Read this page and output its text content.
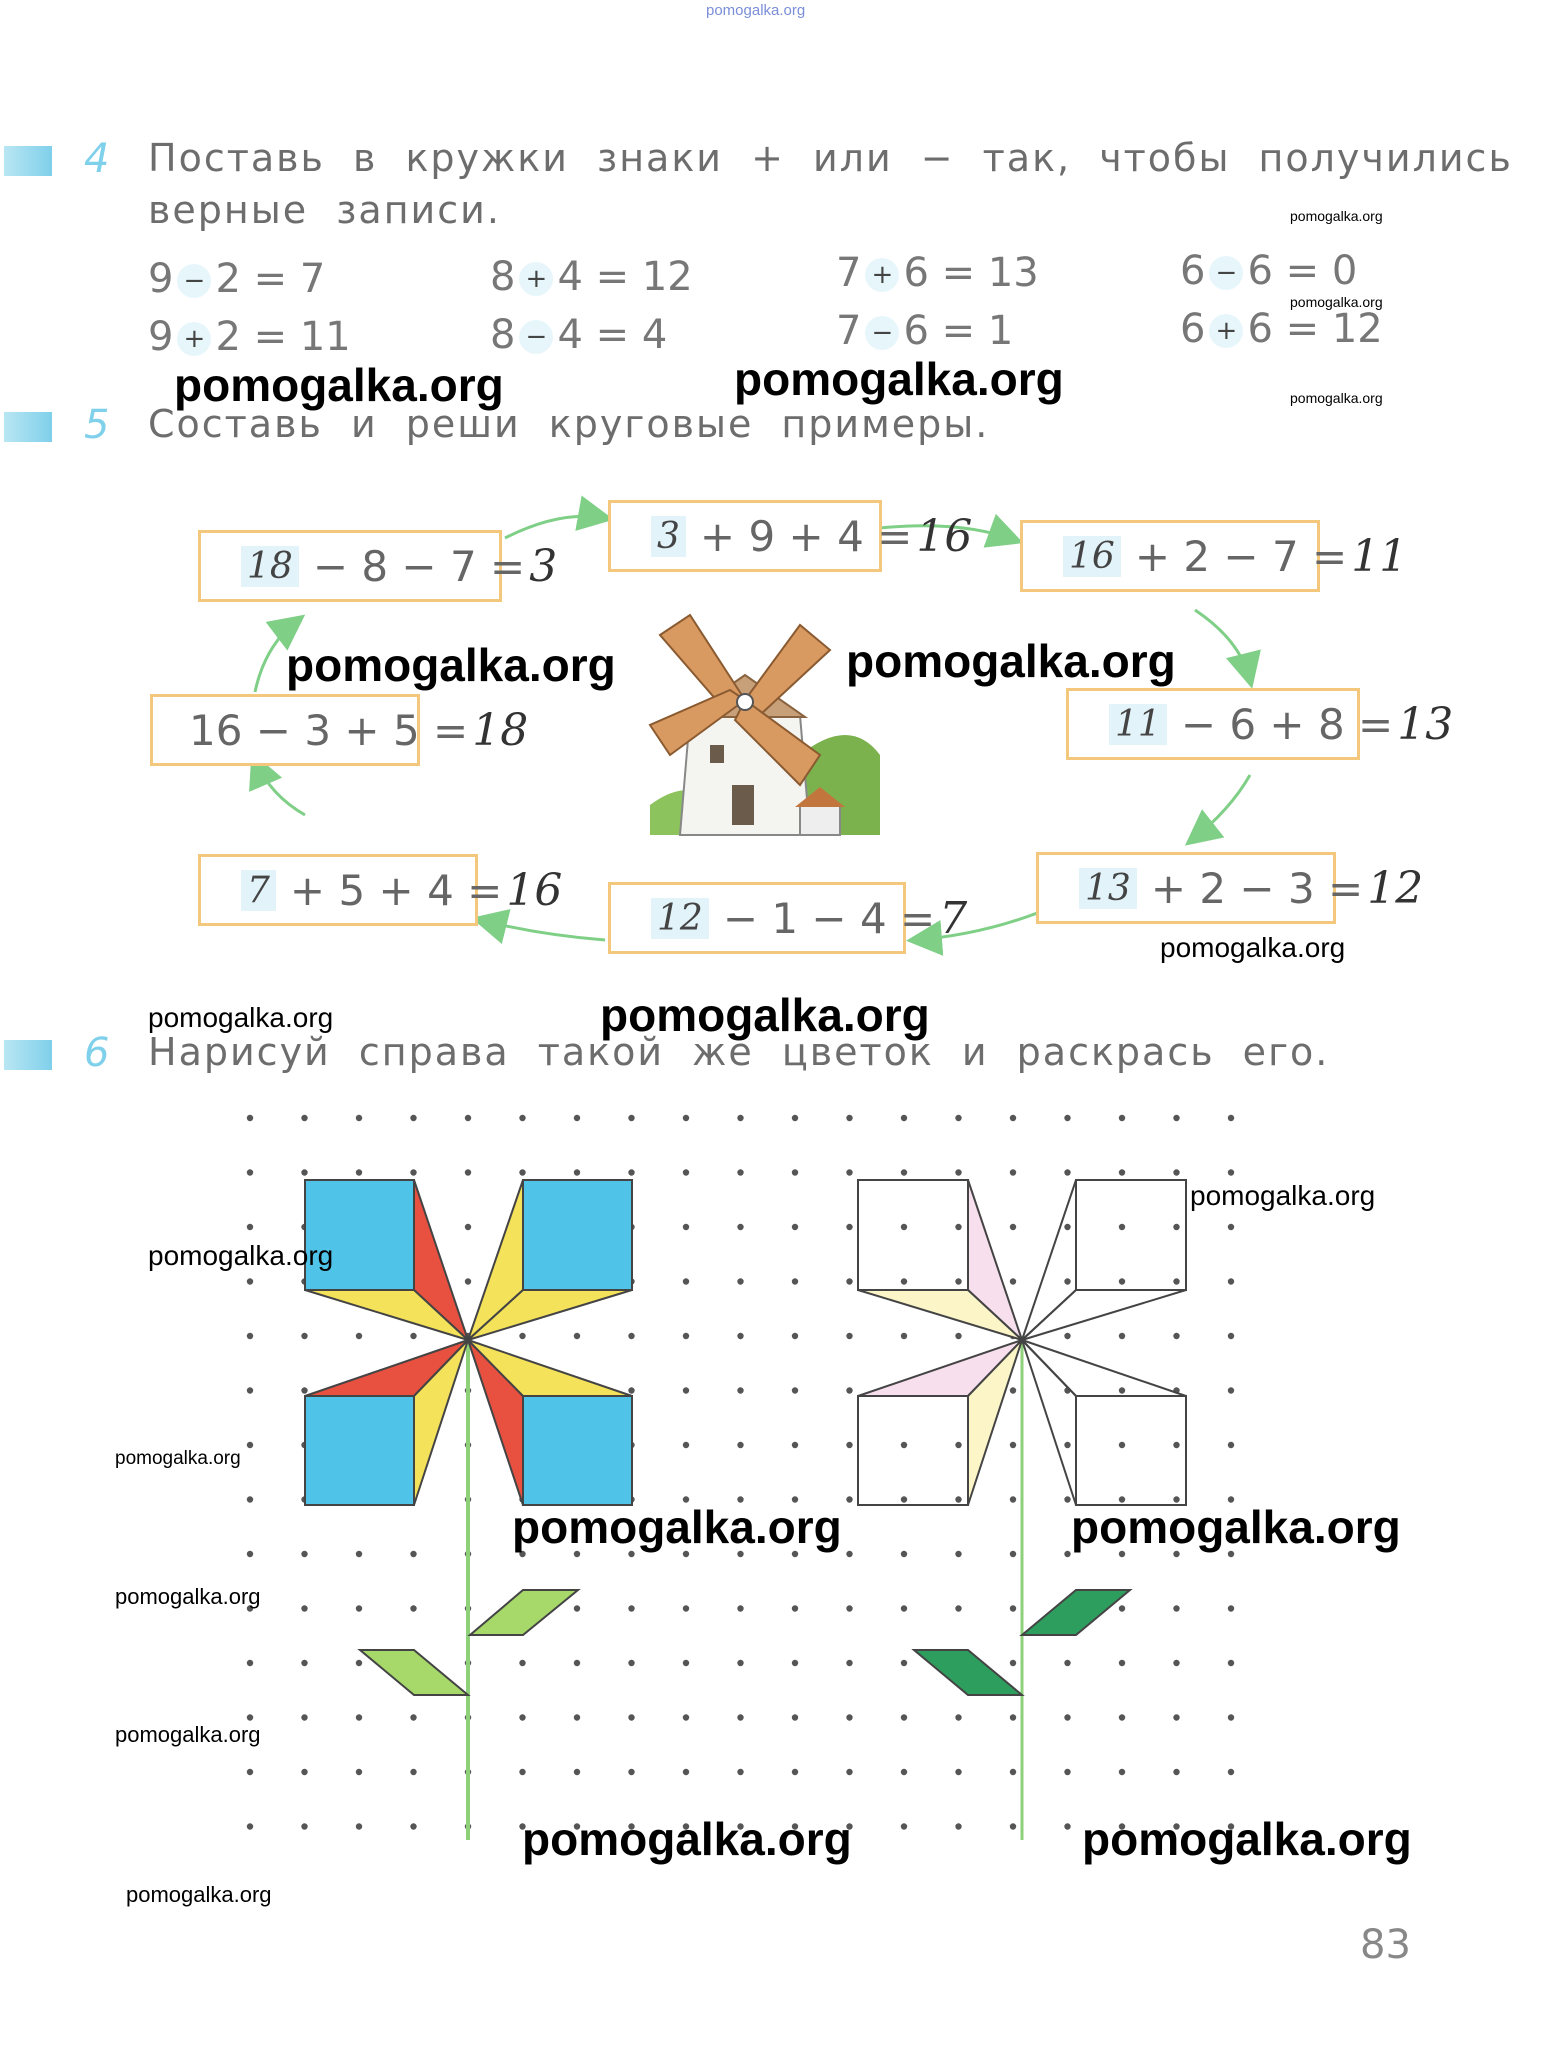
pomogalka.org
4 Поставь в кружки знаки + или − так, чтобы получились
верные записи.
9 − 2 = 7
9 + 2 = 11
8 + 4 = 12
8 − 4 = 4
7 + 6 = 13
7 − 6 = 1
6 − 6 = 0
6 + 6 = 12
5 Составь и реши круговые примеры.
3 + 9 + 4 = 16	16 + 2 − 7 = 11
11 − 6 + 8 = 13
13 + 2 − 3 = 12
12 − 1 − 4 = 7
7 + 5 + 4 = 16
16 − 3 + 5 = 18
18 − 8 − 7 = 3
6 Нарисуй справа такой же цветок и раскрась его.
83
pomogalka.org
pomogalka.org
pomogalka.org
pomogalka.org	pomogalka.org
pomogalka.org	pomogalka.org
pomogalka.org
pomogalka.org	pomogalka.org
pomogalka.org
pomogalka.org
pomogalka.org
pomogalka.org	pomogalka.org
pomogalka.org
pomogalka.org
pomogalka.org	pomogalka.org
pomogalka.org
